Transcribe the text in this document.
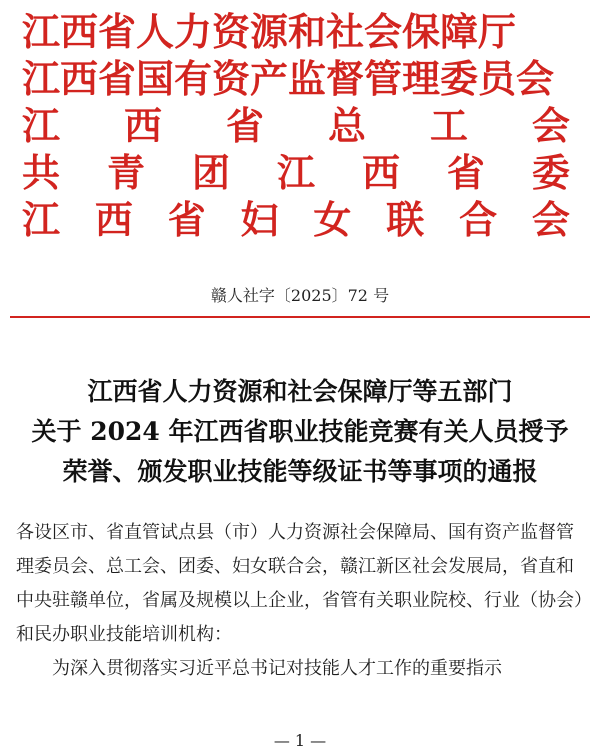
江西省人力资源和社会保障厅
江西省国有资产监督管理委员会
江 西 省 总 工 会
共 青 团 江 西 省 委
江 西 省 妇 女 联 合 会
赣人社字〔2025〕72 号
江西省人力资源和社会保障厅等五部门
关于 2024 年江西省职业技能竞赛有关人员授予
荣誉、颁发职业技能等级证书等事项的通报

各设区市、省直管试点县（市）人力资源社会保障局、国有资产监督管理委员会、总工会、团委、妇女联合会，赣江新区社会发展局，省直和中央驻赣单位，省属及规模以上企业，省管有关职业院校、行业（协会）和民办职业技能培训机构：

为深入贯彻落实习近平总书记对技能人才工作的重要指示

— 1 —
